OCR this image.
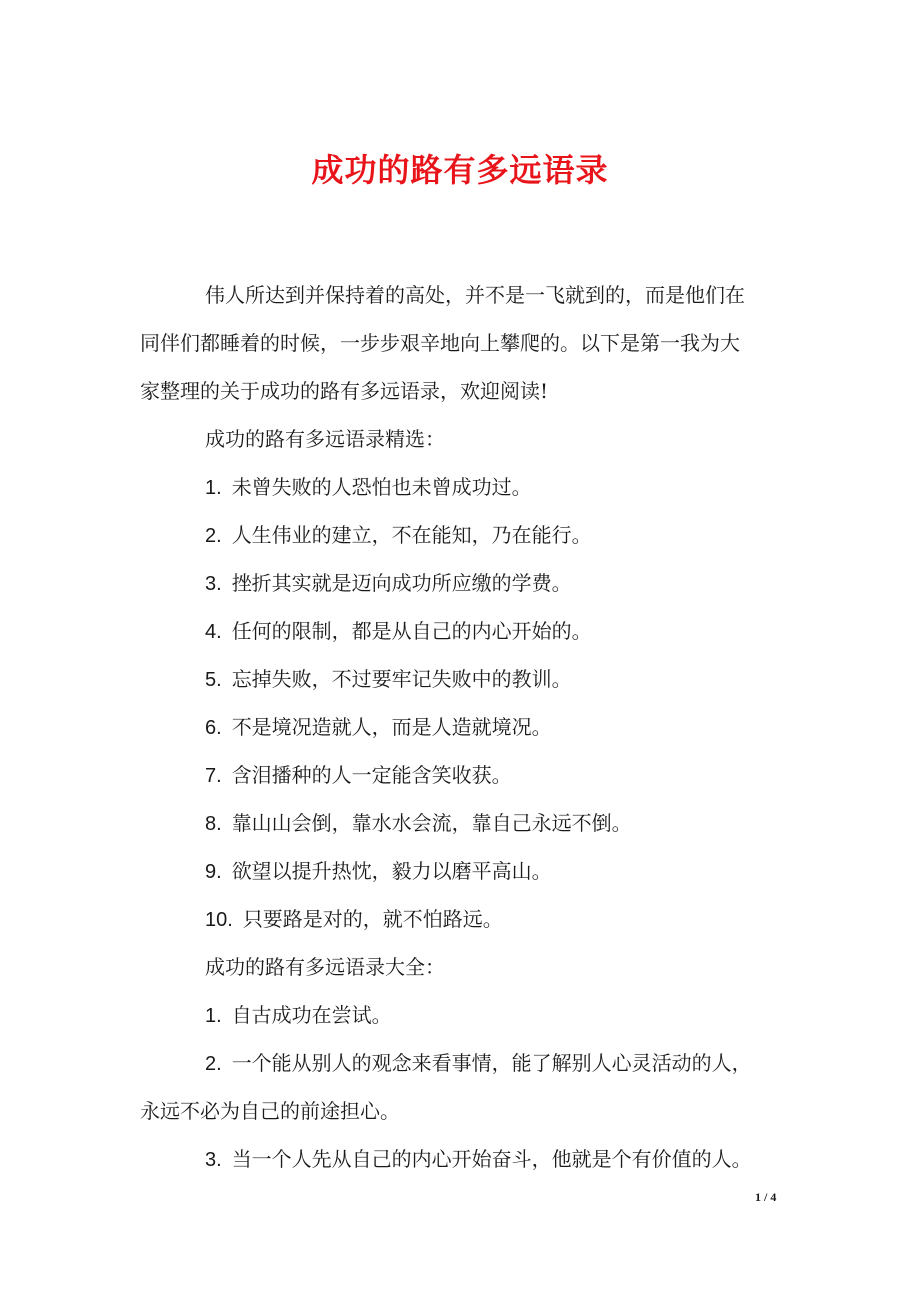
成功的路有多远语录
伟人所达到并保持着的高处，并不是一飞就到的，而是他们在
同伴们都睡着的时候，一步步艰辛地向上攀爬的。以下是第一我为大
家整理的关于成功的路有多远语录，欢迎阅读!
成功的路有多远语录精选：
1. 未曾失败的人恐怕也未曾成功过。
2. 人生伟业的建立，不在能知，乃在能行。
3. 挫折其实就是迈向成功所应缴的学费。
4. 任何的限制，都是从自己的内心开始的。
5. 忘掉失败，不过要牢记失败中的教训。
6. 不是境况造就人，而是人造就境况。
7. 含泪播种的人一定能含笑收获。
8. 靠山山会倒，靠水水会流，靠自己永远不倒。
9. 欲望以提升热忱，毅力以磨平高山。
10. 只要路是对的，就不怕路远。
成功的路有多远语录大全：
1. 自古成功在尝试。
2. 一个能从别人的观念来看事情，能了解别人心灵活动的人，
永远不必为自己的前途担心。
3. 当一个人先从自己的内心开始奋斗，他就是个有价值的人。
1 / 4
